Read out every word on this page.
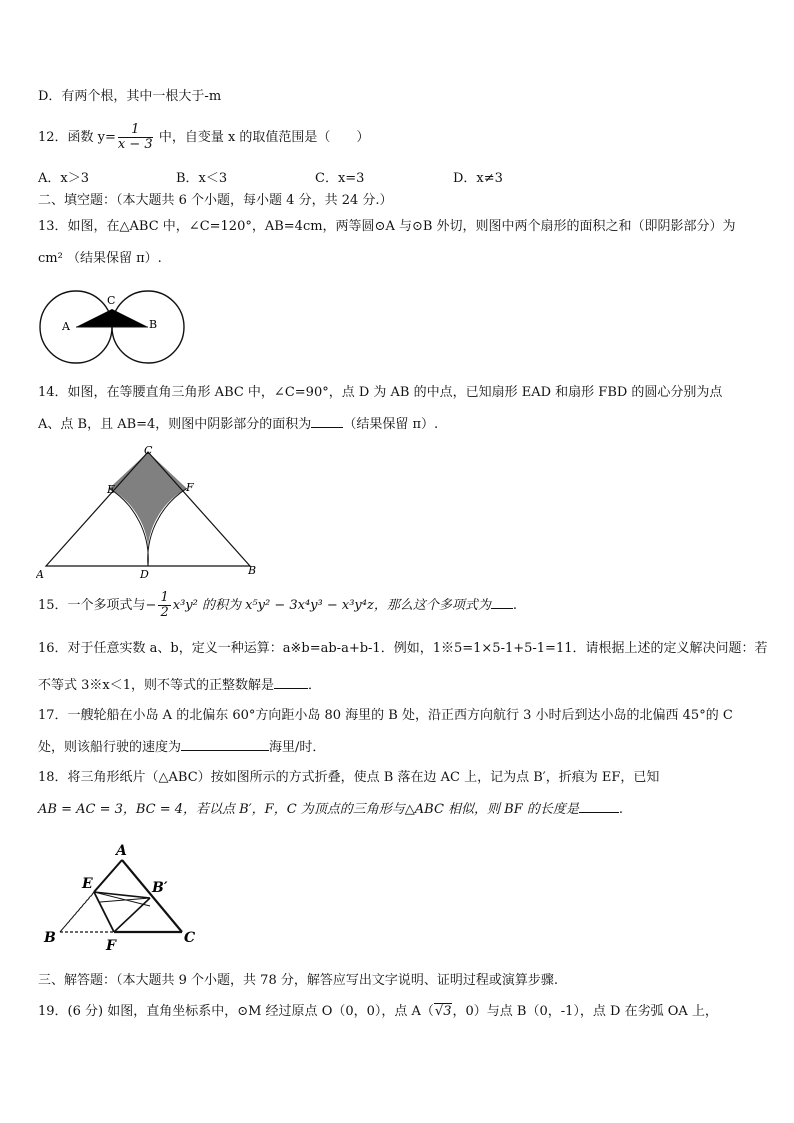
D．有两个根，其中一根大于-m
12．函数 $y= \frac{1}{x - 3}$ 中，自变量 x 的取值范围是（　　）
A．x＞3	B．x＜3	C．x=3	D．x≠3
二、填空题：（本大题共 6 个小题，每小题 4 分，共 24 分.）
13．如图，在△ABC 中，∠C=120°，AB=4cm，两等圆⊙A 与⊙B 外切，则图中两个扇形的面积之和（即阴影部分）为
cm² （结果保留 π）.
A	B
C
14．如图，在等腰直角三角形 ABC 中，∠C=90°，点 D 为 AB 的中点，已知扇形 EAD 和扇形 FBD 的圆心分别为点
A、点 B，且 AB=4，则图中阴影部分的面积为 （结果保留 π）.
A	B
C
D
E	F
15．一个多项式与− $\frac{1}{2} x^3y^2$ 的积为 x⁵y² − 3x⁴y³ − x³y⁴z，那么这个多项式为 .
16．对于任意实数 a、b，定义一种运算：a※b=ab-a+b-1．例如，1※5=1×5-1+5-1=11．请根据上述的定义解决问题：若
不等式 3※x＜1，则不等式的正整数解是	．
17．一艘轮船在小岛 A 的北偏东 60°方向距小岛 80 海里的 B 处，沿正西方向航行 3 小时后到达小岛的北偏西 45°的 C
处，则该船行驶的速度为	海里/时．
18．将三角形纸片（△ABC）按如图所示的方式折叠，使点 B 落在边 AC 上，记为点 B′，折痕为 EF，已知
AB = AC = 3，BC = 4，若以点 B′，F，C 为顶点的三角形与△ABC 相似，则 BF 的长度是	.
A
B	C
E
F
B′
三、解答题：（本大题共 9 个小题，共 78 分，解答应写出文字说明、证明过程或演算步骤.
19．(6 分) 如图，直角坐标系中，⊙M 经过原点 O（0，0），点 A（√3，0）与点 B（0，-1），点 D 在劣弧 OA 上，
